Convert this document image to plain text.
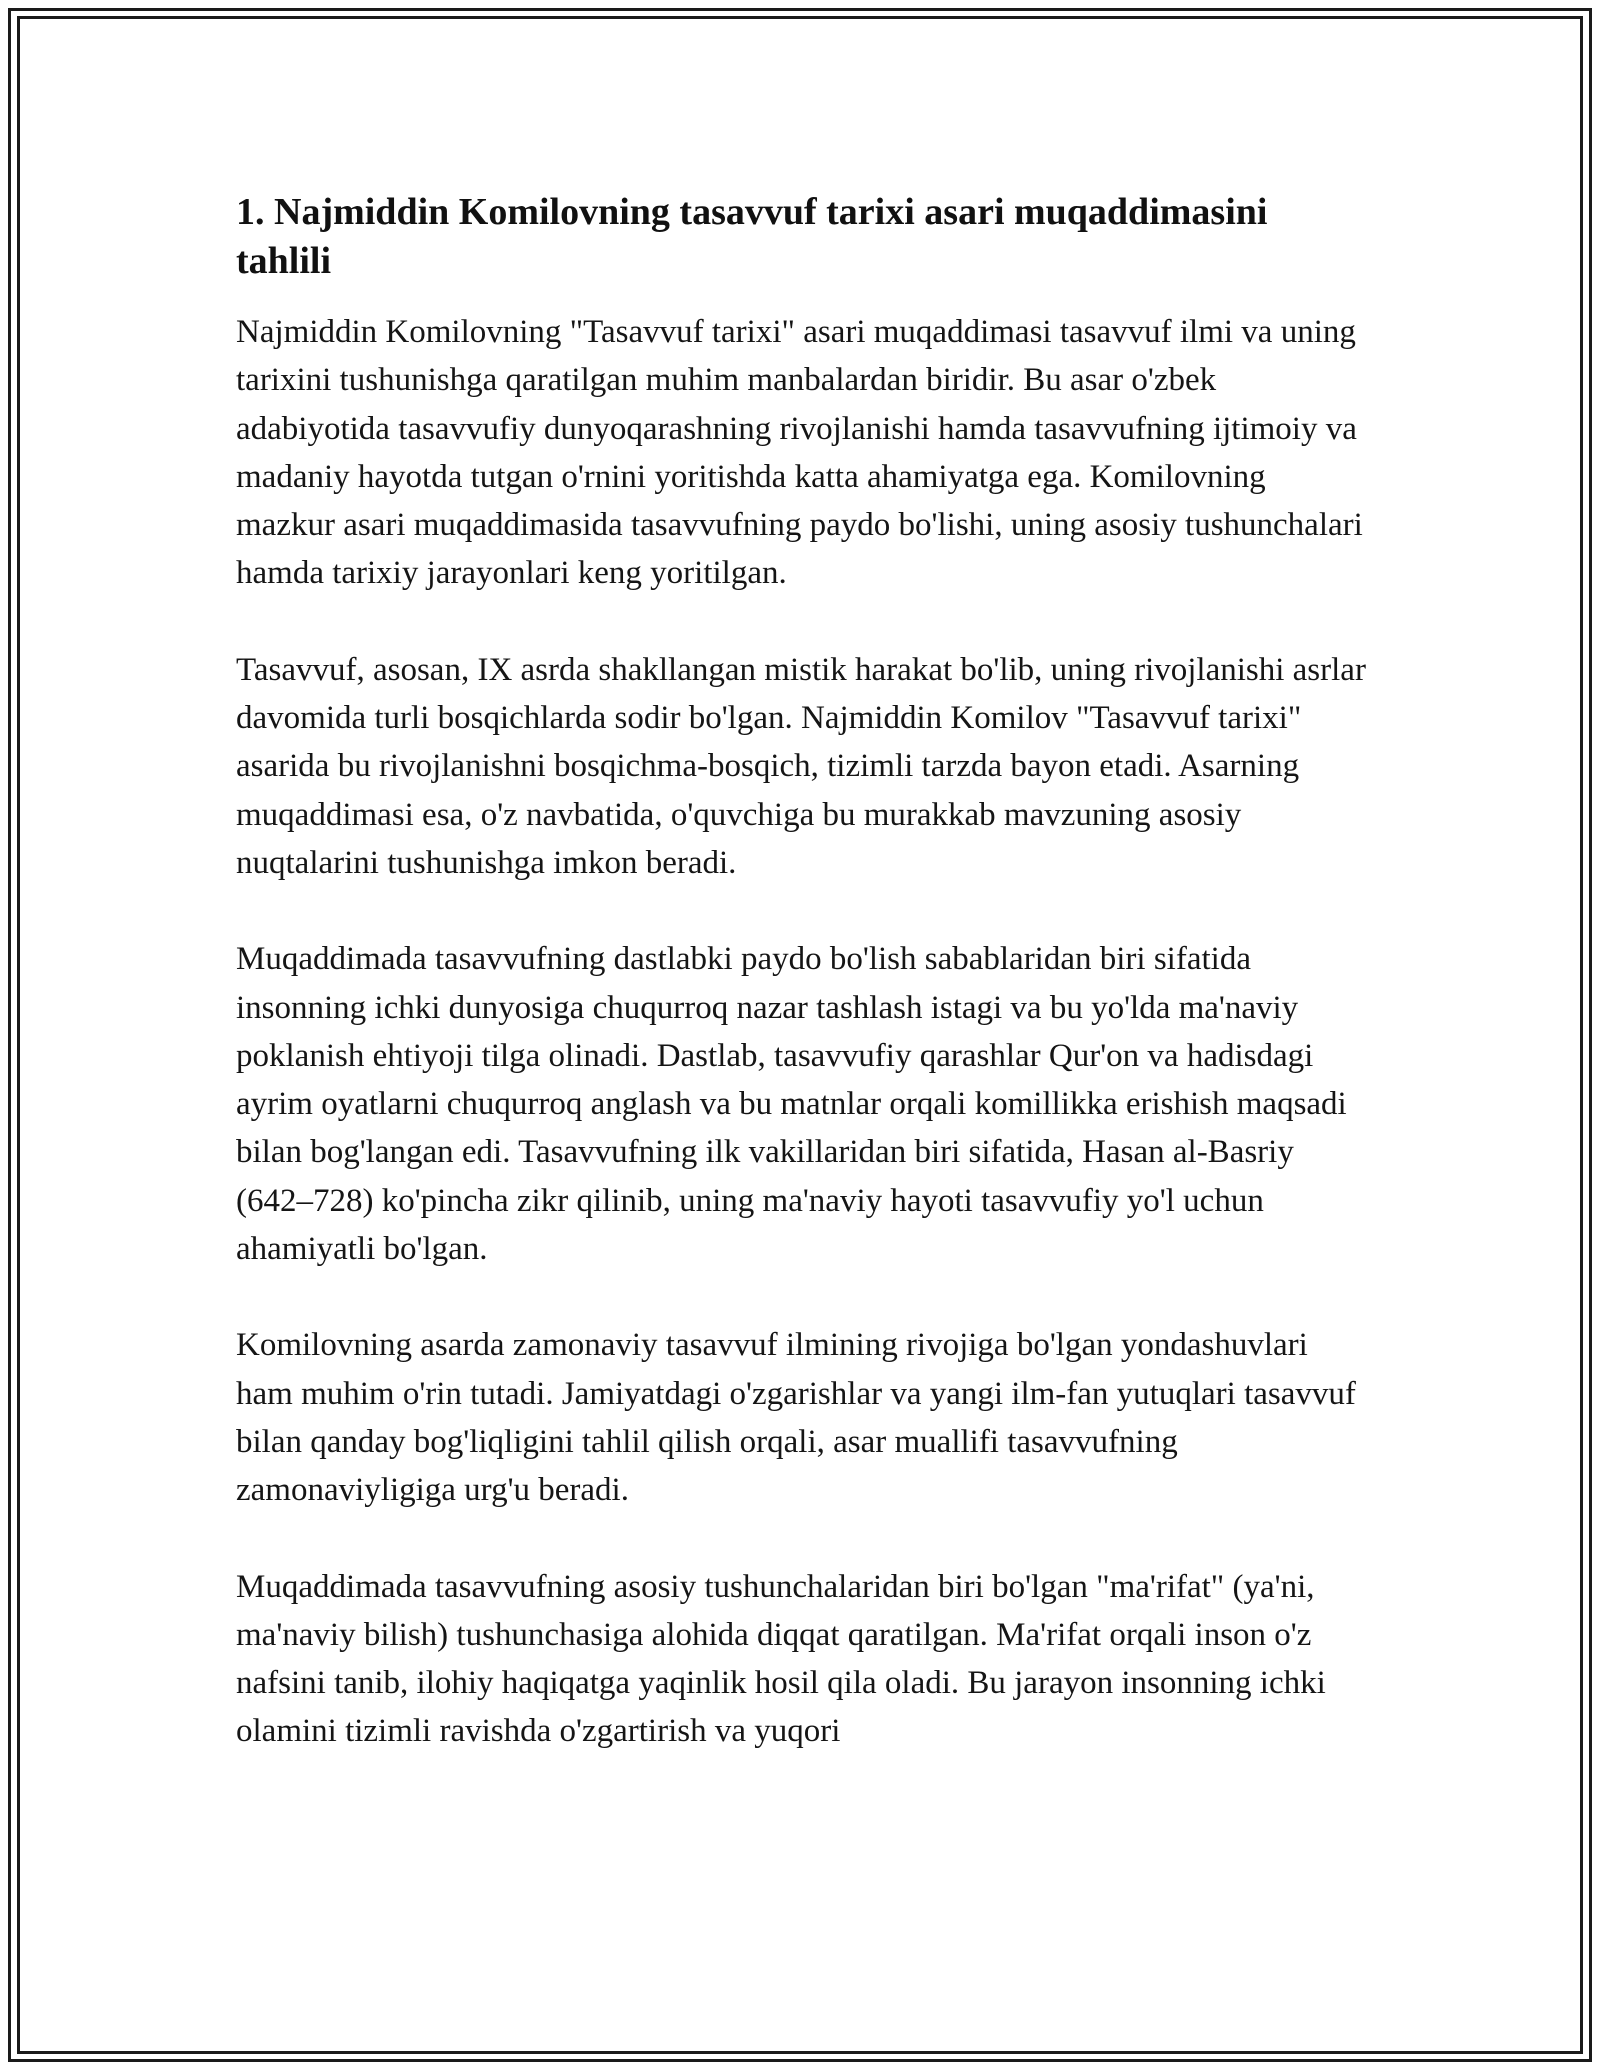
1. Najmiddin Komilovning tasavvuf tarixi asari muqaddimasini tahlili

Najmiddin Komilovning "Tasavvuf tarixi" asari muqaddimasi tasavvuf ilmi va uning tarixini tushunishga qaratilgan muhim manbalardan biridir. Bu asar o'zbek adabiyotida tasavvufiy dunyoqarashning rivojlanishi hamda tasavvufning ijtimoiy va madaniy hayotda tutgan o'rnini yoritishda katta ahamiyatga ega. Komilovning mazkur asari muqaddimasida tasavvufning paydo bo'lishi, uning asosiy tushunchalari hamda tarixiy jarayonlari keng yoritilgan.

Tasavvuf, asosan, IX asrda shakllangan mistik harakat bo'lib, uning rivojlanishi asrlar davomida turli bosqichlarda sodir bo'lgan. Najmiddin Komilov "Tasavvuf tarixi" asarida bu rivojlanishni bosqichma-bosqich, tizimli tarzda bayon etadi. Asarning muqaddimasi esa, o'z navbatida, o'quvchiga bu murakkab mavzuning asosiy nuqtalarini tushunishga imkon beradi.

Muqaddimada tasavvufning dastlabki paydo bo'lish sabablaridan biri sifatida insonning ichki dunyosiga chuqurroq nazar tashlash istagi va bu yo'lda ma'naviy poklanish ehtiyoji tilga olinadi. Dastlab, tasavvufiy qarashlar Qur'on va hadisdagi ayrim oyatlarni chuqurroq anglash va bu matnlar orqali komillikka erishish maqsadi bilan bog'langan edi. Tasavvufning ilk vakillaridan biri sifatida, Hasan al-Basriy (642–728) ko'pincha zikr qilinib, uning ma'naviy hayoti tasavvufiy yo'l uchun ahamiyatli bo'lgan.

Komilovning asarda zamonaviy tasavvuf ilmining rivojiga bo'lgan yondashuvlari ham muhim o'rin tutadi. Jamiyatdagi o'zgarishlar va yangi ilm-fan yutuqlari tasavvuf bilan qanday bog'liqligini tahlil qilish orqali, asar muallifi tasavvufning zamonaviyligiga urg'u beradi.

Muqaddimada tasavvufning asosiy tushunchalaridan biri bo'lgan "ma'rifat" (ya'ni, ma'naviy bilish) tushunchasiga alohida diqqat qaratilgan. Ma'rifat orqali inson o'z nafsini tanib, ilohiy haqiqatga yaqinlik hosil qila oladi. Bu jarayon insonning ichki olamini tizimli ravishda o'zgartirish va yuqori
